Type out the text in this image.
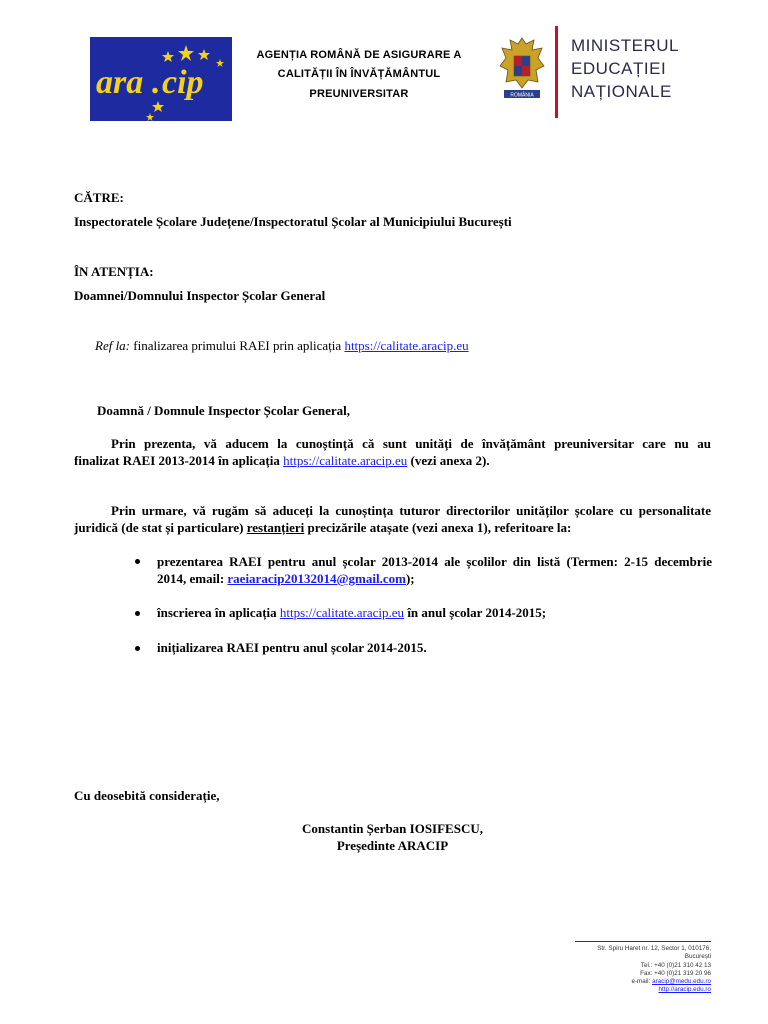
ara . cip
AGENȚIA ROMÂNĂ DE ASIGURARE A
CALITĂȚII ÎN ÎNVĂȚĂMÂNTUL
PREUNIVERSITAR	ROMÂNIA
MINISTERUL
EDUCAȚIEI
NAȚIONALE
CĂTRE:
Inspectoratele Școlare Județene/Inspectoratul Școlar al Municipiului București
ÎN ATENȚIA:
Doamnei/Domnului Inspector Școlar General
Ref la: finalizarea primului RAEI prin aplicația https://calitate.aracip.eu
Doamnă / Domnule Inspector Școlar General,
Prin prezenta, vă aducem la cunoștință că sunt unități de învățământ preuniversitar care nu au
finalizat RAEI 2013-2014 în aplicația https://calitate.aracip.eu (vezi anexa 2).
Prin urmare, vă rugăm să aduceți la cunoștința tuturor directorilor unităților școlare cu personalitate
juridică (de stat și particulare) restanțieri precizările atașate (vezi anexa 1), referitoare la:
prezentarea RAEI pentru anul școlar 2013-2014 ale școlilor din listă (Termen: 2-15 decembrie
2014, email: raeiaracip20132014@gmail.com);
înscrierea în aplicația https://calitate.aracip.eu în anul școlar 2014-2015;
inițializarea RAEI pentru anul școlar 2014-2015.
Cu deosebită considerație,
Constantin Șerban IOSIFESCU,
Președinte ARACIP
Str. Spiru Haret nr. 12, Sector 1, 010176,
București
Tel.: +40 (0)21 310 42 13
Fax: +40 (0)21 319 20 96
e-mail: aracip@medu.edu.ro
http://aracip.edu.ro
